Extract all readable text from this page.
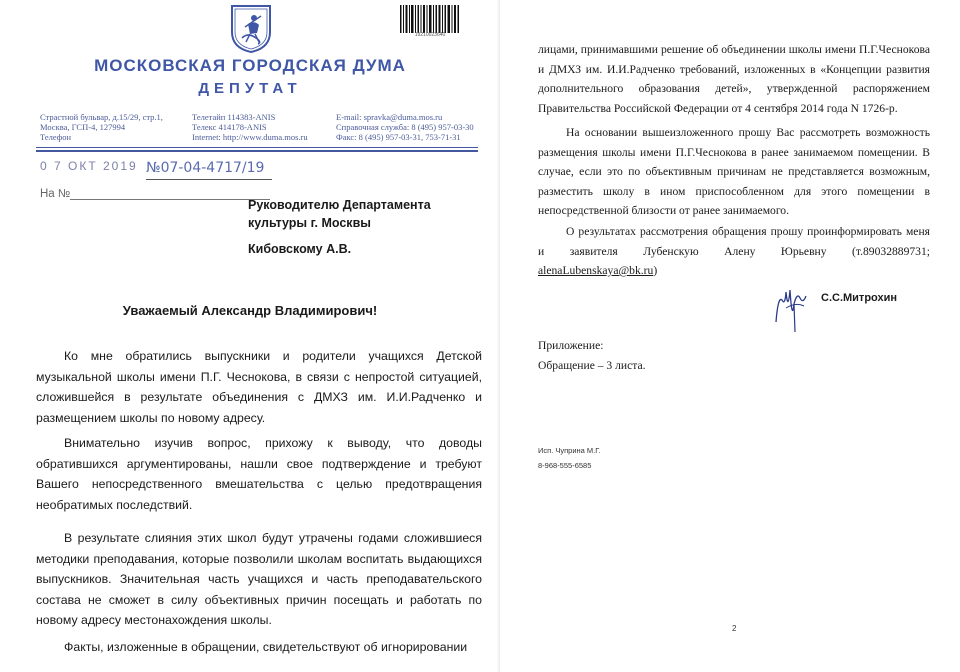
19210023640
МОСКОВСКАЯ ГОРОДСКАЯ ДУМА
ДЕПУТАТ
Страстной бульвар, д.15/29, стр.1,
Москва, ГСП-4, 127994
Телефон
Телетайп 114383-ANIS
Телекс 414178-ANIS
Internet: http://www.duma.mos.ru
E-mail: spravka@duma.mos.ru
Справочная служба: 8 (495) 957-03-30
Факс: 8 (495) 957-03-31, 753-71-31
0 7 ОКТ 2019 №07-04-4717/19
На №
Руководителю Департамента
культуры г. Москвы
Кибовскому А.В.
Уважаемый Александр Владимирович!

Ко мне обратились выпускники и родители учащихся Детской музыкальной школы имени П.Г. Чеснокова, в связи с непростой ситуацией, сложившейся в результате объединения с ДМХЗ им. И.И.Радченко и размещением школы по новому адресу.

Внимательно изучив вопрос, прихожу к выводу, что доводы обратившихся аргументированы, нашли свое подтверждение и требуют Вашего непосредственного вмешательства с целью предотвращения необратимых последствий.

В результате слияния этих школ будут утрачены годами сложившиеся методики преподавания, которые позволили школам воспитать выдающихся выпускников. Значительная часть учащихся и часть преподавательского состава не сможет в силу объективных причин посещать и работать по новому адресу местонахождения школы.

Факты, изложенные в обращении, свидетельствуют об игнорировании

лицами, принимавшими решение об объединении школы имени П.Г.Чеснокова и ДМХЗ им. И.И.Радченко требований, изложенных в «Концепции развития дополнительного образования детей», утвержденной распоряжением Правительства Российской Федерации от 4 сентября 2014 года N 1726-р.

На основании вышеизложенного прошу Вас рассмотреть возможность размещения школы имени П.Г.Чеснокова в ранее занимаемом помещении. В случае, если это по объективным причинам не представляется возможным, разместить школу в ином приспособленном для этого помещении в непосредственной близости от ранее занимаемого.

О результатах рассмотрения обращения прошу проинформировать меня и заявителя Лубенскую Алену Юрьевну (т.89032889731; alenaLubenskaya@bk.ru)

С.С.Митрохин
Приложение:
Обращение – 3 листа.
Исп. Чуприна М.Г.
8-968-555-6585
2
